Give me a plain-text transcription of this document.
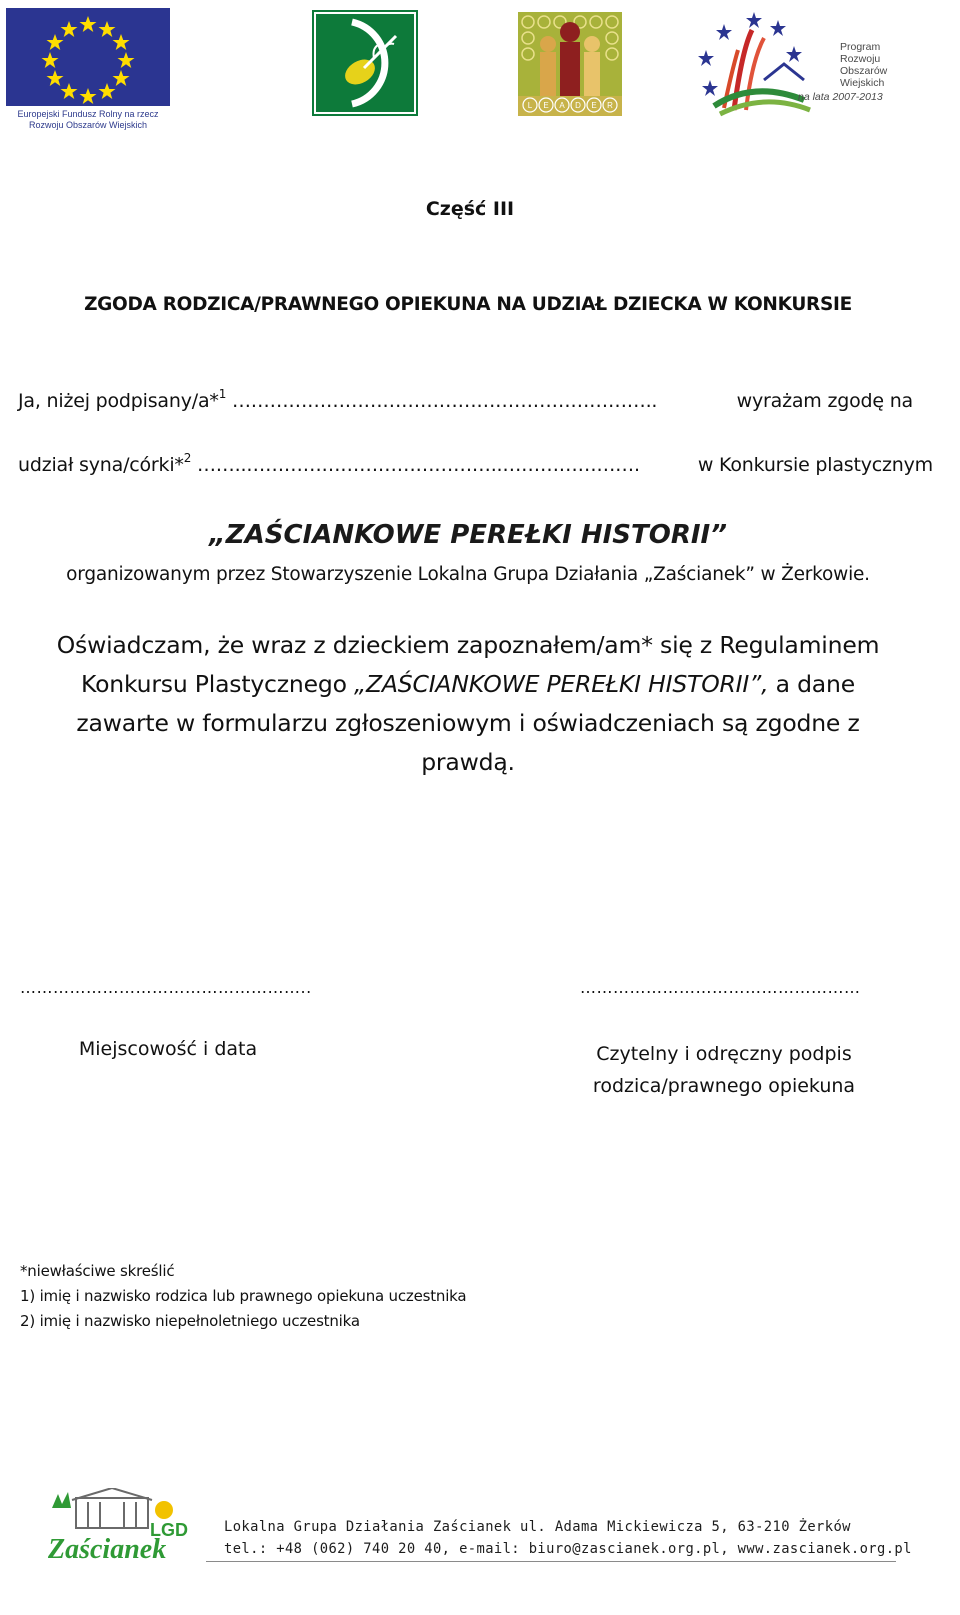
Europejski Fundusz Rolny na rzecz Rozwoju Obszarów Wiejskich
L E A D E R
Program
Rozwoju
Obszarów
Wiejskich
na lata 2007-2013
Część III
ZGODA RODZICA/PRAWNEGO OPIEKUNA NA UDZIAŁ DZIECKA W KONKURSIE
Ja, niżej podpisany/a*$^1$ …………………………………………………………..	wyrażam zgodę na
udział syna/córki*$^2$ ……..…………………………………..………………….	w Konkursie plastycznym
„ZAŚCIANKOWE PEREŁKI HISTORII”
organizowanym przez Stowarzyszenie Lokalna Grupa Działania „Zaścianek” w Żerkowie.
Oświadczam, że wraz z dzieckiem zapoznałem/am* się z Regulaminem Konkursu Plastycznego „ZAŚCIANKOWE PEREŁKI HISTORII”, a dane zawarte w formularzu zgłoszeniowym i oświadczeniach są zgodne z prawdą.
……………………………………………..	……………………………………………
Miejscowość i data	Czytelny i odręczny podpis rodzica/prawnego opiekuna
*niewłaściwe skreślić
1) imię i nazwisko rodzica lub prawnego opiekuna uczestnika
2) imię i nazwisko niepełnoletniego uczestnika
LGD
Zaścianek
Lokalna Grupa Działania Zaścianek ul. Adama Mickiewicza 5, 63-210 Żerków
tel.: +48 (062) 740 20 40, e-mail: biuro@zascianek.org.pl, www.zascianek.org.pl
